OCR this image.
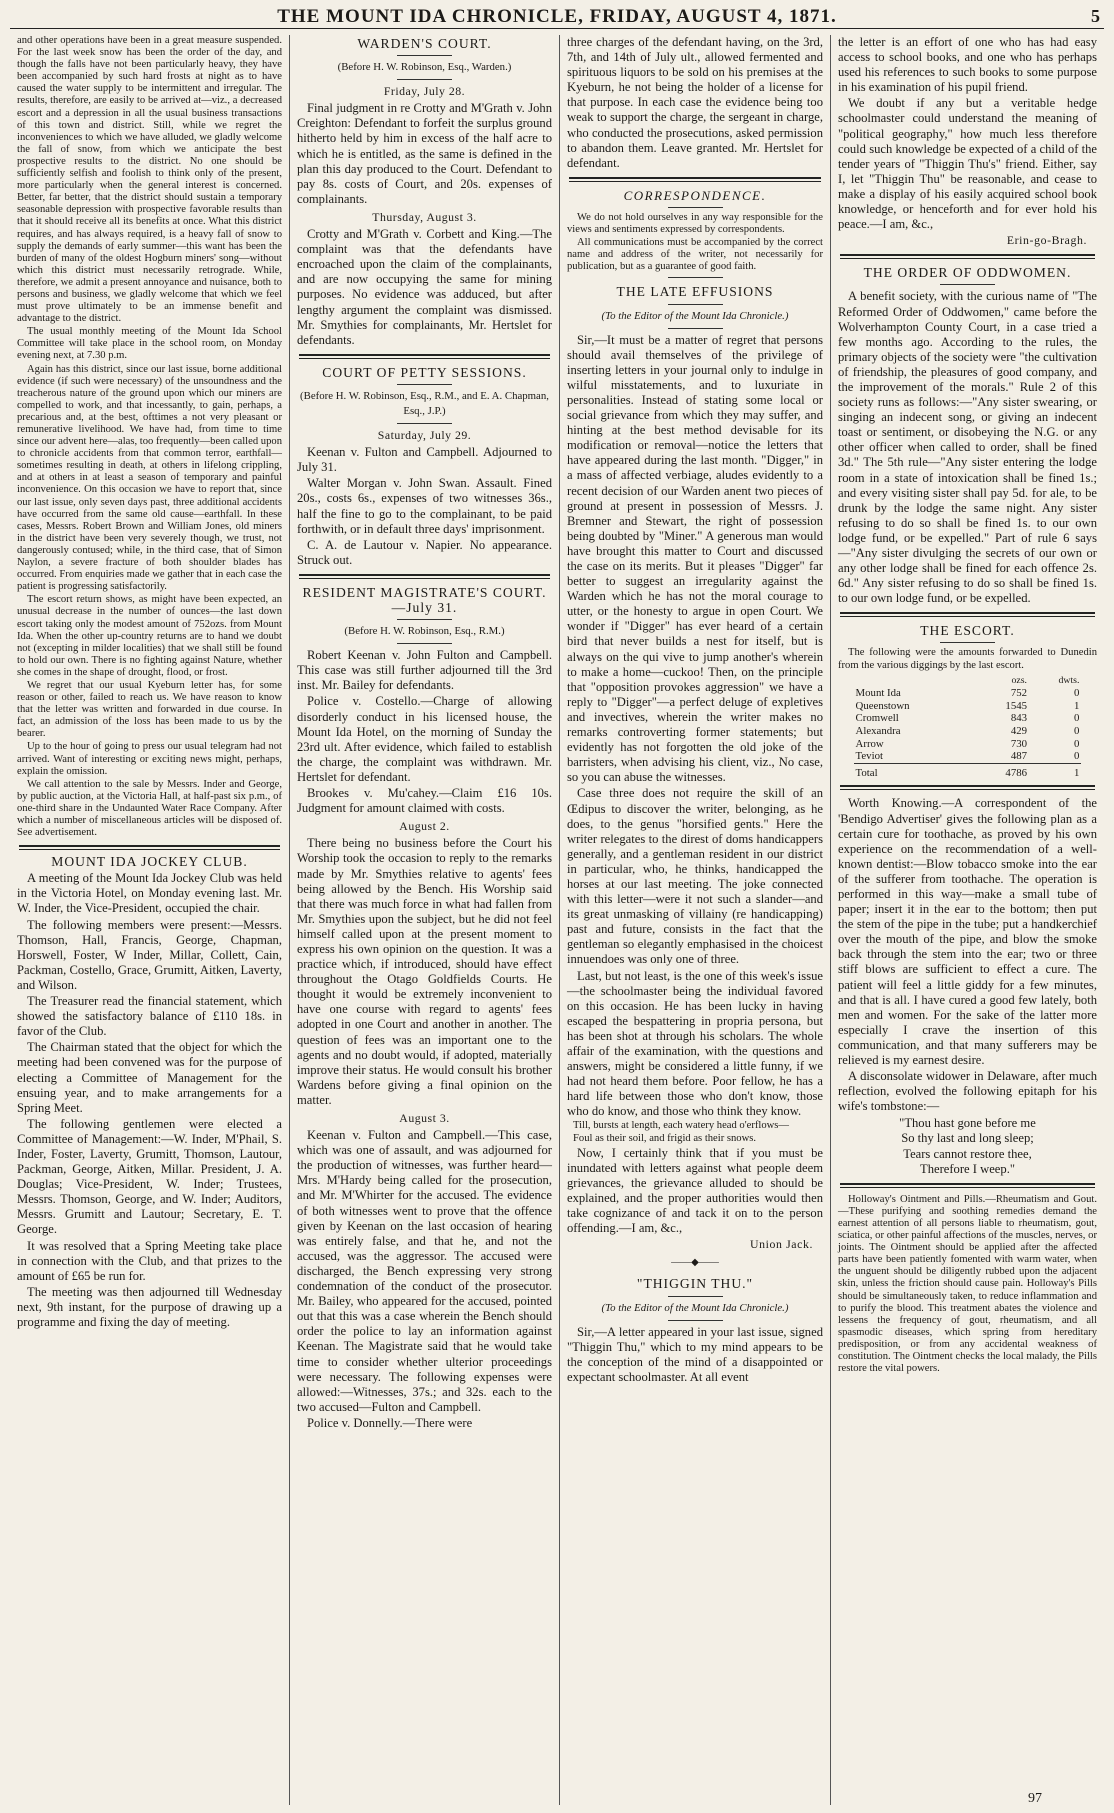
THE MOUNT IDA CHRONICLE, FRIDAY, AUGUST 4, 1871.	5

and other operations have been in a great measure suspended. For the last week snow has been the order of the day, and though the falls have not been particularly heavy, they have been accompanied by such hard frosts at night as to have caused the water supply to be intermittent and irregular. The results, therefore, are easily to be arrived at—viz., a decreased escort and a depression in all the usual business transactions of this town and district. Still, while we regret the inconveniences to which we have alluded, we gladly welcome the fall of snow, from which we anticipate the best prospective results to the district. No one should be sufficiently selfish and foolish to think only of the present, more particularly when the general interest is concerned. Better, far better, that the district should sustain a temporary seasonable depression with prospective favorable results than that it should receive all its benefits at once. What this district requires, and has always required, is a heavy fall of snow to supply the demands of early summer—this want has been the burden of many of the oldest Hogburn miners' song—without which this district must necessarily retrograde. While, therefore, we admit a present annoyance and nuisance, both to persons and business, we gladly welcome that which we feel must prove ultimately to be an immense benefit and advantage to the district.

The usual monthly meeting of the Mount Ida School Committee will take place in the school room, on Monday evening next, at 7.30 p.m.

Again has this district, since our last issue, borne additional evidence (if such were necessary) of the unsoundness and the treacherous nature of the ground upon which our miners are compelled to work, and that incessantly, to gain, perhaps, a precarious and, at the best, ofttimes a not very pleasant or remunerative livelihood. We have had, from time to time since our advent here—alas, too frequently—been called upon to chronicle accidents from that common terror, earthfall—sometimes resulting in death, at others in lifelong crippling, and at others in at least a season of temporary and painful inconvenience. On this occasion we have to report that, since our last issue, only seven days past, three additional accidents have occurred from the same old cause—earthfall. In these cases, Messrs. Robert Brown and William Jones, old miners in the district have been very severely though, we trust, not dangerously contused; while, in the third case, that of Simon Naylon, a severe fracture of both shoulder blades has occurred. From enquiries made we gather that in each case the patient is progressing satisfactorily.

The escort return shows, as might have been expected, an unusual decrease in the number of ounces—the last down escort taking only the modest amount of 752ozs. from Mount Ida. When the other up-country returns are to hand we doubt not (excepting in milder localities) that we shall still be found to hold our own. There is no fighting against Nature, whether she comes in the shape of drought, flood, or frost.

We regret that our usual Kyeburn letter has, for some reason or other, failed to reach us. We have reason to know that the letter was written and forwarded in due course. In fact, an admission of the loss has been made to us by the bearer.

Up to the hour of going to press our usual telegram had not arrived. Want of interesting or exciting news might, perhaps, explain the omission.

We call attention to the sale by Messrs. Inder and George, by public auction, at the Victoria Hall, at half-past six p.m., of one-third share in the Undaunted Water Race Company. After which a number of miscellaneous articles will be disposed of. See advertisement.

MOUNT IDA JOCKEY CLUB.

A meeting of the Mount Ida Jockey Club was held in the Victoria Hotel, on Monday evening last. Mr. W. Inder, the Vice-President, occupied the chair.

The following members were present:—Messrs. Thomson, Hall, Francis, George, Chapman, Horswell, Foster, W Inder, Millar, Collett, Cain, Packman, Costello, Grace, Grumitt, Aitken, Laverty, and Wilson.

The Treasurer read the financial statement, which showed the satisfactory balance of £110 18s. in favor of the Club.

The Chairman stated that the object for which the meeting had been convened was for the purpose of electing a Committee of Management for the ensuing year, and to make arrangements for a Spring Meet.

The following gentlemen were elected a Committee of Management:—W. Inder, M'Phail, S. Inder, Foster, Laverty, Grumitt, Thomson, Lautour, Packman, George, Aitken, Millar. President, J. A. Douglas; Vice-President, W. Inder; Trustees, Messrs. Thomson, George, and W. Inder; Auditors, Messrs. Grumitt and Lautour; Secretary, E. T. George.

It was resolved that a Spring Meeting take place in connection with the Club, and that prizes to the amount of £65 be run for.

The meeting was then adjourned till Wednesday next, 9th instant, for the purpose of drawing up a programme and fixing the day of meeting.

WARDEN'S COURT.
(Before H. W. Robinson, Esq., Warden.)
Friday, July 28.

Final judgment in re Crotty and M'Grath v. John Creighton: Defendant to forfeit the surplus ground hitherto held by him in excess of the half acre to which he is entitled, as the same is defined in the plan this day produced to the Court. Defendant to pay 8s. costs of Court, and 20s. expenses of complainants.

Thursday, August 3.

Crotty and M'Grath v. Corbett and King.—The complaint was that the defendants have encroached upon the claim of the complainants, and are now occupying the same for mining purposes. No evidence was adduced, but after lengthy argument the complaint was dismissed. Mr. Smythies for complainants, Mr. Hertslet for defendants.

COURT OF PETTY SESSIONS.
(Before H. W. Robinson, Esq., R.M., and E. A. Chapman, Esq., J.P.)
Saturday, July 29.

Keenan v. Fulton and Campbell. Adjourned to July 31.

Walter Morgan v. John Swan. Assault. Fined 20s., costs 6s., expenses of two witnesses 36s., half the fine to go to the complainant, to be paid forthwith, or in default three days' imprisonment.

C. A. de Lautour v. Napier. No appearance. Struck out.

RESIDENT MAGISTRATE'S COURT.—July 31.
(Before H. W. Robinson, Esq., R.M.)

Robert Keenan v. John Fulton and Campbell. This case was still further adjourned till the 3rd inst. Mr. Bailey for defendants.

Police v. Costello.—Charge of allowing disorderly conduct in his licensed house, the Mount Ida Hotel, on the morning of Sunday the 23rd ult. After evidence, which failed to establish the charge, the complaint was withdrawn. Mr. Hertslet for defendant.

Brookes v. Mu'cahey.—Claim £16 10s. Judgment for amount claimed with costs.

August 2.

There being no business before the Court his Worship took the occasion to reply to the remarks made by Mr. Smythies relative to agents' fees being allowed by the Bench. His Worship said that there was much force in what had fallen from Mr. Smythies upon the subject, but he did not feel himself called upon at the present moment to express his own opinion on the question. It was a practice which, if introduced, should have effect throughout the Otago Goldfields Courts. He thought it would be extremely inconvenient to have one course with regard to agents' fees adopted in one Court and another in another. The question of fees was an important one to the agents and no doubt would, if adopted, materially improve their status. He would consult his brother Wardens before giving a final opinion on the matter.

August 3.

Keenan v. Fulton and Campbell.—This case, which was one of assault, and was adjourned for the production of witnesses, was further heard—Mrs. M'Hardy being called for the prosecution, and Mr. M'Whirter for the accused. The evidence of both witnesses went to prove that the offence given by Keenan on the last occasion of hearing was entirely false, and that he, and not the accused, was the aggressor. The accused were discharged, the Bench expressing very strong condemnation of the conduct of the prosecutor. Mr. Bailey, who appeared for the accused, pointed out that this was a case wherein the Bench should order the police to lay an information against Keenan. The Magistrate said that he would take time to consider whether ulterior proceedings were necessary. The following expenses were allowed:—Witnesses, 37s.; and 32s. each to the two accused—Fulton and Campbell.

Police v. Donnelly.—There were

three charges of the defendant having, on the 3rd, 7th, and 14th of July ult., allowed fermented and spirituous liquors to be sold on his premises at the Kyeburn, he not being the holder of a license for that purpose. In each case the evidence being too weak to support the charge, the sergeant in charge, who conducted the prosecutions, asked permission to abandon them. Leave granted. Mr. Hertslet for defendant.

CORRESPONDENCE.

We do not hold ourselves in any way responsible for the views and sentiments expressed by correspondents.

All communications must be accompanied by the correct name and address of the writer, not necessarily for publication, but as a guarantee of good faith.

THE LATE EFFUSIONS
(To the Editor of the Mount Ida Chronicle.)

Sir,—It must be a matter of regret that persons should avail themselves of the privilege of inserting letters in your journal only to indulge in wilful misstatements, and to luxuriate in personalities. Instead of stating some local or social grievance from which they may suffer, and hinting at the best method devisable for its modification or removal—notice the letters that have appeared during the last month. "Digger," in a mass of affected verbiage, aludes evidently to a recent decision of our Warden anent two pieces of ground at present in possession of Messrs. J. Bremner and Stewart, the right of possession being doubted by "Miner." A generous man would have brought this matter to Court and discussed the case on its merits. But it pleases "Digger" far better to suggest an irregularity against the Warden which he has not the moral courage to utter, or the honesty to argue in open Court. We wonder if "Digger" has ever heard of a certain bird that never builds a nest for itself, but is always on the qui vive to jump another's wherein to make a home—cuckoo! Then, on the principle that "opposition provokes aggression" we have a reply to "Digger"—a perfect deluge of expletives and invectives, wherein the writer makes no remarks controverting former statements; but evidently has not forgotten the old joke of the barristers, when advising his client, viz., No case, so you can abuse the witnesses.

Case three does not require the skill of an Œdipus to discover the writer, belonging, as he does, to the genus "horsified gents." Here the writer relegates to the direst of doms handicappers generally, and a gentleman resident in our district in particular, who, he thinks, handicapped the horses at our last meeting. The joke connected with this letter—were it not such a slander—and its great unmasking of villainy (re handicapping) past and future, consists in the fact that the gentleman so elegantly emphasised in the choicest innuendoes was only one of three.

Last, but not least, is the one of this week's issue—the schoolmaster being the individual favored on this occasion. He has been lucky in having escaped the bespattering in propria persona, but has been shot at through his scholars. The whole affair of the examination, with the questions and answers, might be considered a little funny, if we had not heard them before. Poor fellow, he has a hard life between those who don't know, those who do know, and those who think they know.

Till, bursts at length, each watery head o'erflows—
Foul as their soil, and frigid as their snows.

Now, I certainly think that if you must be inundated with letters against what people deem grievances, the grievance alluded to should be explained, and the proper authorities would then take cognizance of and tack it on to the person offending.—I am, &c.,

Union Jack.
——◆——
"THIGGIN THU."
(To the Editor of the Mount Ida Chronicle.)

Sir,—A letter appeared in your last issue, signed "Thiggin Thu," which to my mind appears to be the conception of the mind of a disappointed or expectant schoolmaster. At all event

the letter is an effort of one who has had easy access to school books, and one who has perhaps used his references to such books to some purpose in his examination of his pupil friend.

We doubt if any but a veritable hedge schoolmaster could understand the meaning of "political geography," how much less therefore could such knowledge be expected of a child of the tender years of "Thiggin Thu's" friend. Either, say I, let "Thiggin Thu" be reasonable, and cease to make a display of his easily acquired school book knowledge, or henceforth and for ever hold his peace.—I am, &c.,

Erin-go-Bragh.
THE ORDER OF ODDWOMEN.

A benefit society, with the curious name of "The Reformed Order of Oddwomen," came before the Wolverhampton County Court, in a case tried a few months ago. According to the rules, the primary objects of the society were "the cultivation of friendship, the pleasures of good company, and the improvement of the morals." Rule 2 of this society runs as follows:—"Any sister swearing, or singing an indecent song, or giving an indecent toast or sentiment, or disobeying the N.G. or any other officer when called to order, shall be fined 3d." The 5th rule—"Any sister entering the lodge room in a state of intoxication shall be fined 1s.; and every visiting sister shall pay 5d. for ale, to be drunk by the lodge the same night. Any sister refusing to do so shall be fined 1s. to our own lodge fund, or be expelled." Part of rule 6 says—"Any sister divulging the secrets of our own or any other lodge shall be fined for each offence 2s. 6d." Any sister refusing to do so shall be fined 1s. to our own lodge fund, or be expelled.

THE ESCORT.

The following were the amounts forwarded to Dunedin from the various diggings by the last escort.

	ozs.	dwts.
Mount Ida	752	0
Queenstown	1545	1
Cromwell	843	0
Alexandra	429	0
Arrow	730	0
Teviot	487	0
Total	4786	1

Worth Knowing.—A correspondent of the 'Bendigo Advertiser' gives the following plan as a certain cure for toothache, as proved by his own experience on the recommendation of a well-known dentist:—Blow tobacco smoke into the ear of the sufferer from toothache. The operation is performed in this way—make a small tube of paper; insert it in the ear to the bottom; then put the stem of the pipe in the tube; put a handkerchief over the mouth of the pipe, and blow the smoke back through the stem into the ear; two or three stiff blows are sufficient to effect a cure. The patient will feel a little giddy for a few minutes, and that is all. I have cured a good few lately, both men and women. For the sake of the latter more especially I crave the insertion of this communication, and that many sufferers may be relieved is my earnest desire.

A disconsolate widower in Delaware, after much reflection, evolved the following epitaph for his wife's tombstone:—

"Thou hast gone before me

So thy last and long sleep;

Tears cannot restore thee,

Therefore I weep."

Holloway's Ointment and Pills.—Rheumatism and Gout.—These purifying and soothing remedies demand the earnest attention of all persons liable to rheumatism, gout, sciatica, or other painful affections of the muscles, nerves, or joints. The Ointment should be applied after the affected parts have been patiently fomented with warm water, when the unguent should be diligently rubbed upon the adjacent skin, unless the friction should cause pain. Holloway's Pills should be simultaneously taken, to reduce inflammation and to purify the blood. This treatment abates the violence and lessens the frequency of gout, rheumatism, and all spasmodic diseases, which spring from hereditary predisposition, or from any accidental weakness of constitution. The Ointment checks the local malady, the Pills restore the vital powers.

97
